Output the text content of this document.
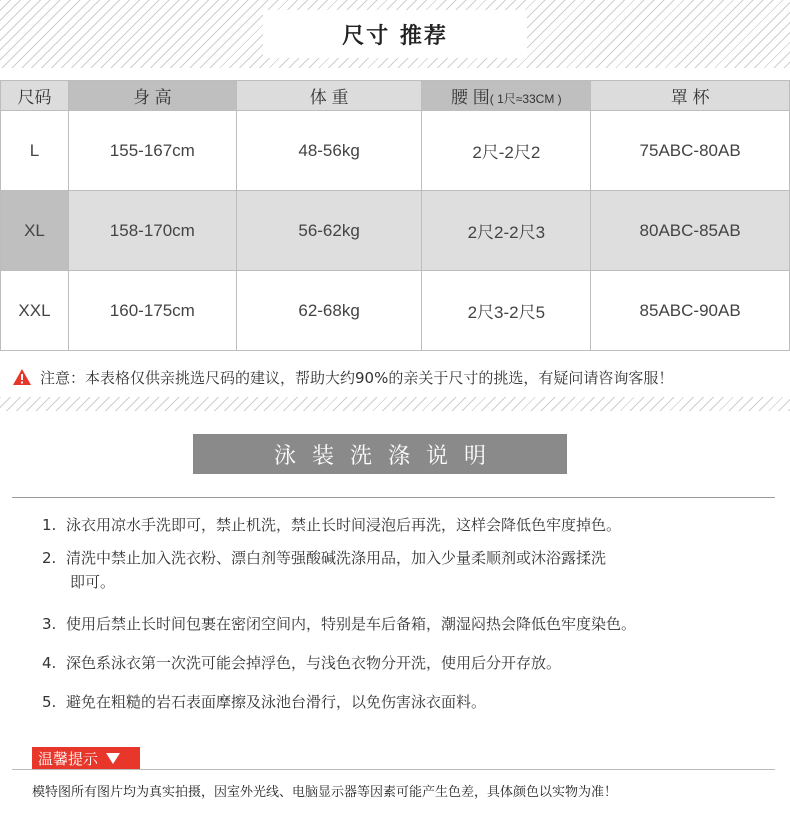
尺寸 推荐
尺码	身 高	体 重	腰 围( 1尺≈33CM )	罩 杯
L	155-167cm	48-56kg	2尺-2尺2	75ABC-80AB
XL	158-170cm	56-62kg	2尺2-2尺3	80ABC-85AB
XXL	160-175cm	62-68kg	2尺3-2尺5	85ABC-90AB
注意：本表格仅供亲挑选尺码的建议，帮助大约90%的亲关于尺寸的挑选，有疑问请咨询客服！
泳装洗涤说明
1. 泳衣用凉水手洗即可，禁止机洗，禁止长时间浸泡后再洗，这样会降低色牢度掉色。
2. 清洗中禁止加入洗衣粉、漂白剂等强酸碱洗涤用品，加入少量柔顺剂或沐浴露揉洗
即可。
3. 使用后禁止长时间包裹在密闭空间内，特别是车后备箱，潮湿闷热会降低色牢度染色。
4. 深色系泳衣第一次洗可能会掉浮色，与浅色衣物分开洗，使用后分开存放。
5. 避免在粗糙的岩石表面摩擦及泳池台滑行，以免伤害泳衣面料。
温馨提示
模特图所有图片均为真实拍摄，因室外光线、电脑显示器等因素可能产生色差，具体颜色以实物为准！
